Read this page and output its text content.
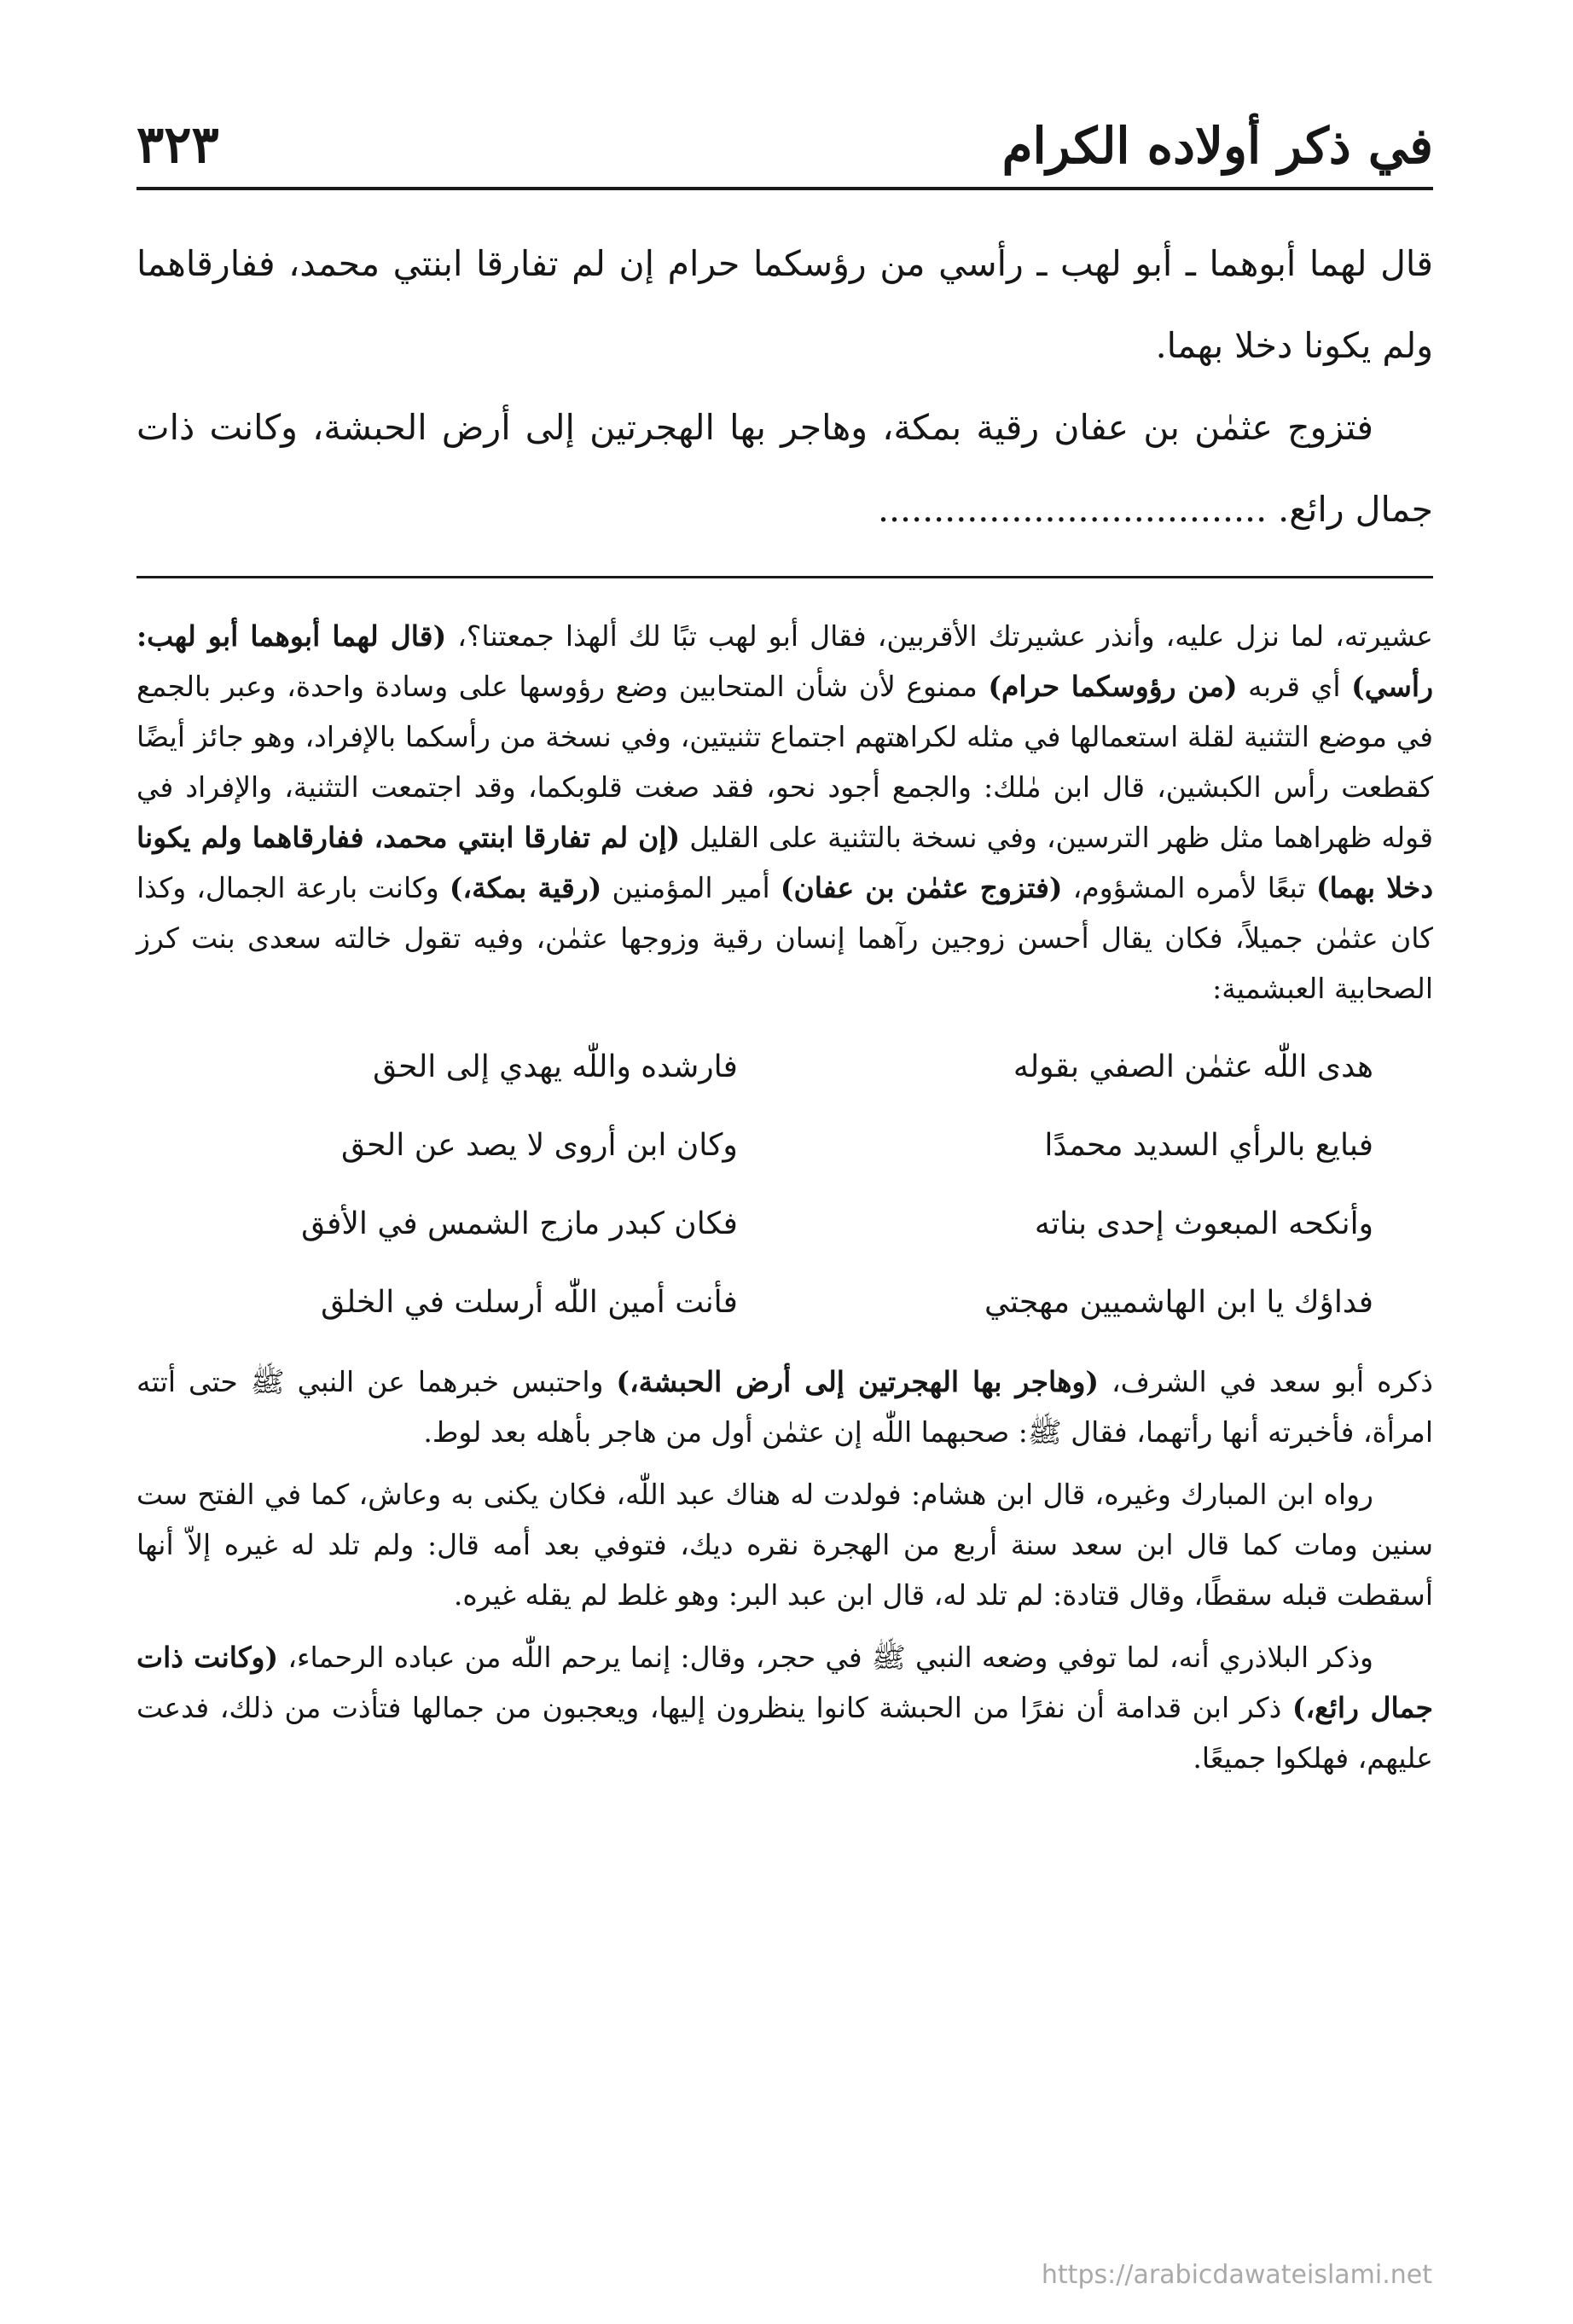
في ذكر أولاده الكرام
٣٢٣

قال لهما أبوهما ـ أبو لهب ـ رأسي من رؤسكما حرام إن لم تفارقا ابنتي محمد، ففارقاهما ولم يكونا دخلا بهما.

فتزوج عثمٰن بن عفان رقية بمكة، وهاجر بها الهجرتين إلى أرض الحبشة، وكانت ذات جمال رائع. ...................................

عشيرته، لما نزل عليه، وأنذر عشيرتك الأقربين، فقال أبو لهب تبًا لك ألهذا جمعتنا؟، (قال لهما أبوهما أبو لهب: رأسي) أي قربه (من رؤوسكما حرام) ممنوع لأن شأن المتحابين وضع رؤوسها على وسادة واحدة، وعبر بالجمع في موضع التثنية لقلة استعمالها في مثله لكراهتهم اجتماع تثنيتين، وفي نسخة من رأسكما بالإفراد، وهو جائز أيضًا كقطعت رأس الكبشين، قال ابن مٰلك: والجمع أجود نحو، فقد صغت قلوبكما، وقد اجتمعت التثنية، والإفراد في قوله ظهراهما مثل ظهر الترسين، وفي نسخة بالتثنية على القليل (إن لم تفارقا ابنتي محمد، ففارقاهما ولم يكونا دخلا بهما) تبعًا لأمره المشؤوم، (فتزوج عثمٰن بن عفان) أمير المؤمنين (رقية بمكة،) وكانت بارعة الجمال، وكذا كان عثمٰن جميلاً، فكان يقال أحسن زوجين رآهما إنسان رقية وزوجها عثمٰن، وفيه تقول خالته سعدى بنت كرز الصحابية العبشمية:

هدى اللّٰه عثمٰن الصفي بقوله
فارشده واللّٰه يهدي إلى الحق
فبايع بالرأي السديد محمدًا
وكان ابن أروى لا يصد عن الحق
وأنكحه المبعوث إحدى بناته
فكان كبدر مازج الشمس في الأفق
فداؤك يا ابن الهاشميين مهجتي
فأنت أمين اللّٰه أرسلت في الخلق

ذكره أبو سعد في الشرف، (وهاجر بها الهجرتين إلى أرض الحبشة،) واحتبس خبرهما عن النبي ﷺ حتى أتته امرأة، فأخبرته أنها رأتهما، فقال ﷺ: صحبهما اللّٰه إن عثمٰن أول من هاجر بأهله بعد لوط.

رواه ابن المبارك وغيره، قال ابن هشام: فولدت له هناك عبد اللّٰه، فكان يكنى به وعاش، كما في الفتح ست سنين ومات كما قال ابن سعد سنة أربع من الهجرة نقره ديك، فتوفي بعد أمه قال: ولم تلد له غيره إلاّ أنها أسقطت قبله سقطًا، وقال قتادة: لم تلد له، قال ابن عبد البر: وهو غلط لم يقله غيره.

وذكر البلاذري أنه، لما توفي وضعه النبي ﷺ في حجر، وقال: إنما يرحم اللّٰه من عباده الرحماء، (وكانت ذات جمال رائع،) ذكر ابن قدامة أن نفرًا من الحبشة كانوا ينظرون إليها، ويعجبون من جمالها فتأذت من ذلك، فدعت عليهم، فهلكوا جميعًا.

https://arabicdawateislami.net
